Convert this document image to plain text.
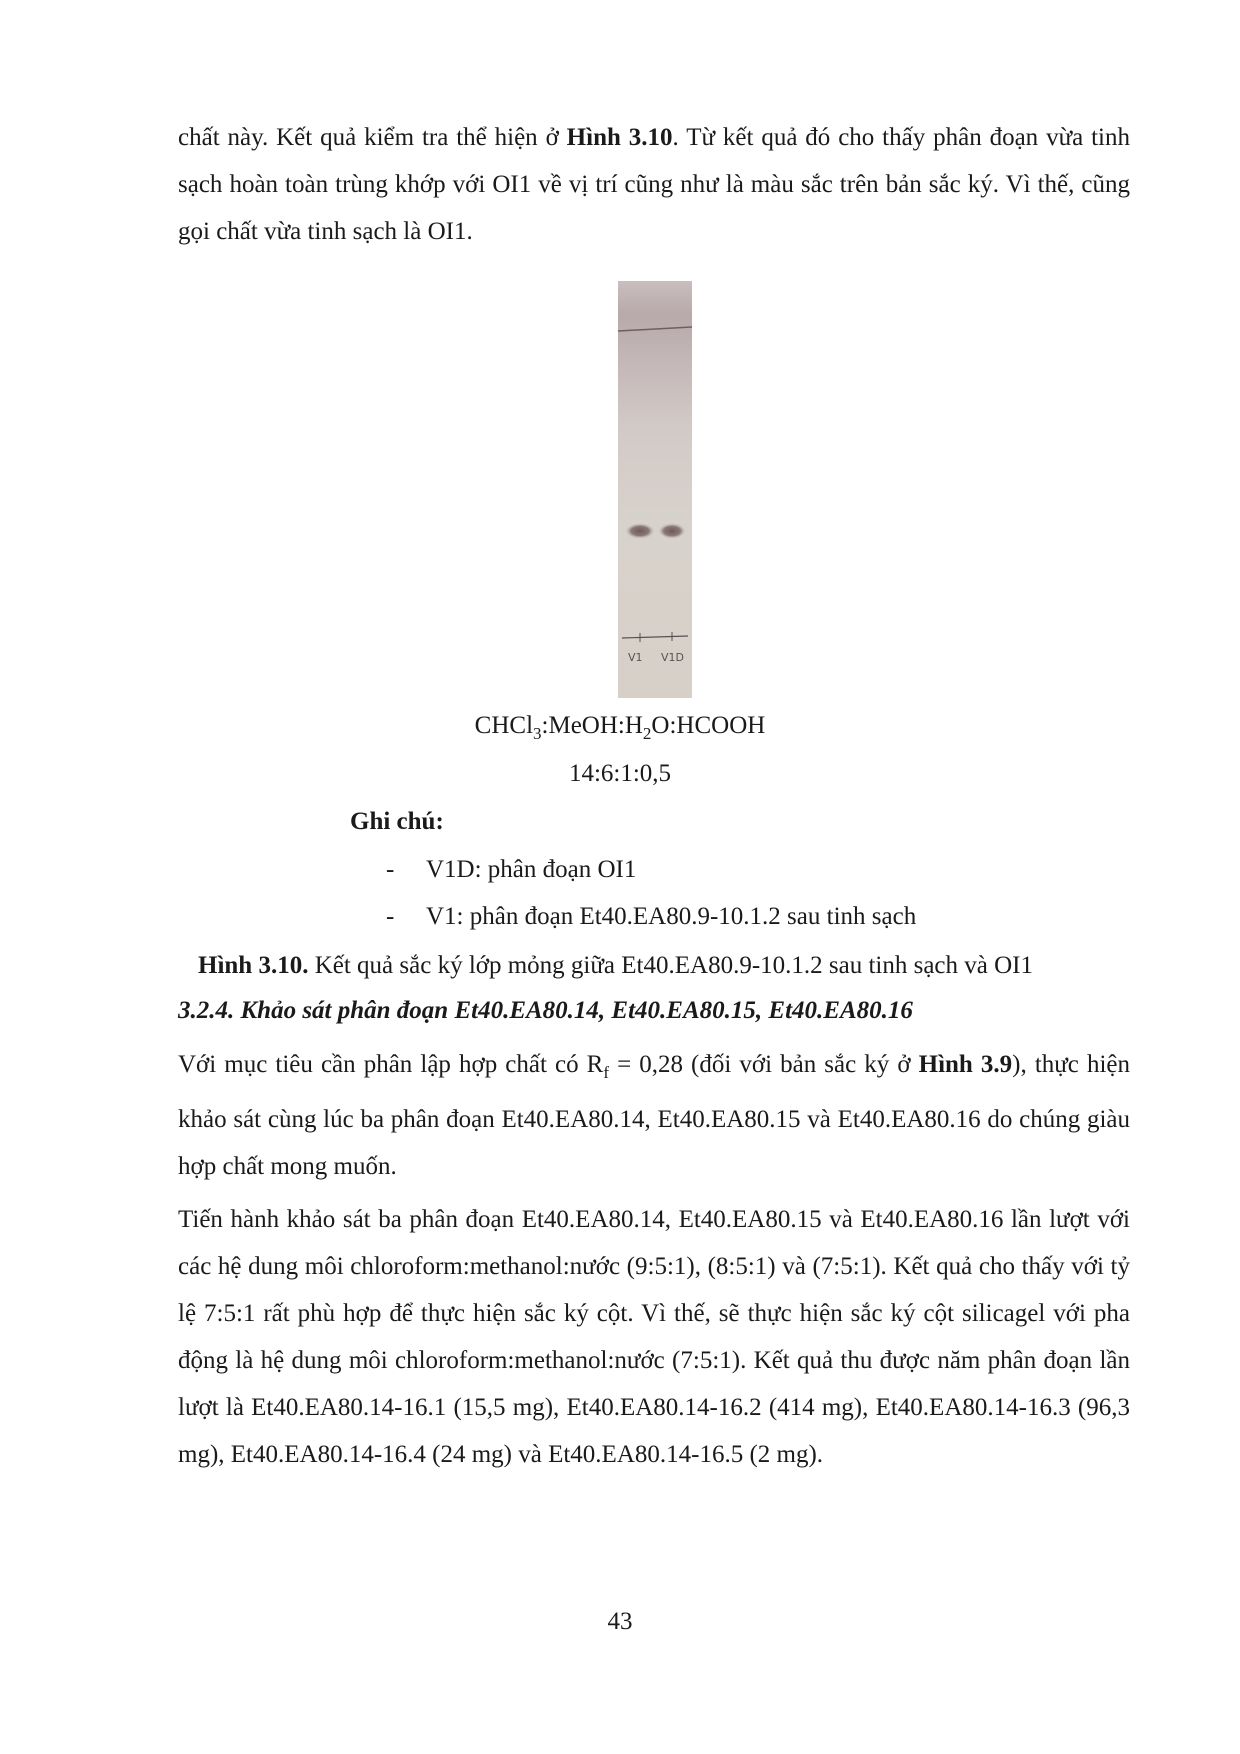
chất này. Kết quả kiểm tra thể hiện ở Hình 3.10. Từ kết quả đó cho thấy phân đoạn vừa tinh sạch hoàn toàn trùng khớp với OI1 về vị trí cũng như là màu sắc trên bản sắc ký. Vì thế, cũng gọi chất vừa tinh sạch là OI1.

V1 V1D

$CHCl_3:MeOH:H_2O:HCOOH$

14:6:1:0,5

Ghi chú:

- V1D: phân đoạn OI1

- V1: phân đoạn Et40.EA80.9-10.1.2 sau tinh sạch

Hình 3.10. Kết quả sắc ký lớp mỏng giữa Et40.EA80.9-10.1.2 sau tinh sạch và OI1

3.2.4. Khảo sát phân đoạn Et40.EA80.14, Et40.EA80.15, Et40.EA80.16

Với mục tiêu cần phân lập hợp chất có $R_f = 0,28$ (đối với bản sắc ký ở Hình 3.9), thực hiện khảo sát cùng lúc ba phân đoạn Et40.EA80.14, Et40.EA80.15 và Et40.EA80.16 do chúng giàu hợp chất mong muốn.

Tiến hành khảo sát ba phân đoạn Et40.EA80.14, Et40.EA80.15 và Et40.EA80.16 lần lượt với các hệ dung môi chloroform:methanol:nước (9:5:1), (8:5:1) và (7:5:1). Kết quả cho thấy với tỷ lệ 7:5:1 rất phù hợp để thực hiện sắc ký cột. Vì thế, sẽ thực hiện sắc ký cột silicagel với pha động là hệ dung môi chloroform:methanol:nước (7:5:1). Kết quả thu được năm phân đoạn lần lượt là Et40.EA80.14-16.1 (15,5 mg), Et40.EA80.14-16.2 (414 mg), Et40.EA80.14-16.3 (96,3 mg), Et40.EA80.14-16.4 (24 mg) và Et40.EA80.14-16.5 (2 mg).

43
